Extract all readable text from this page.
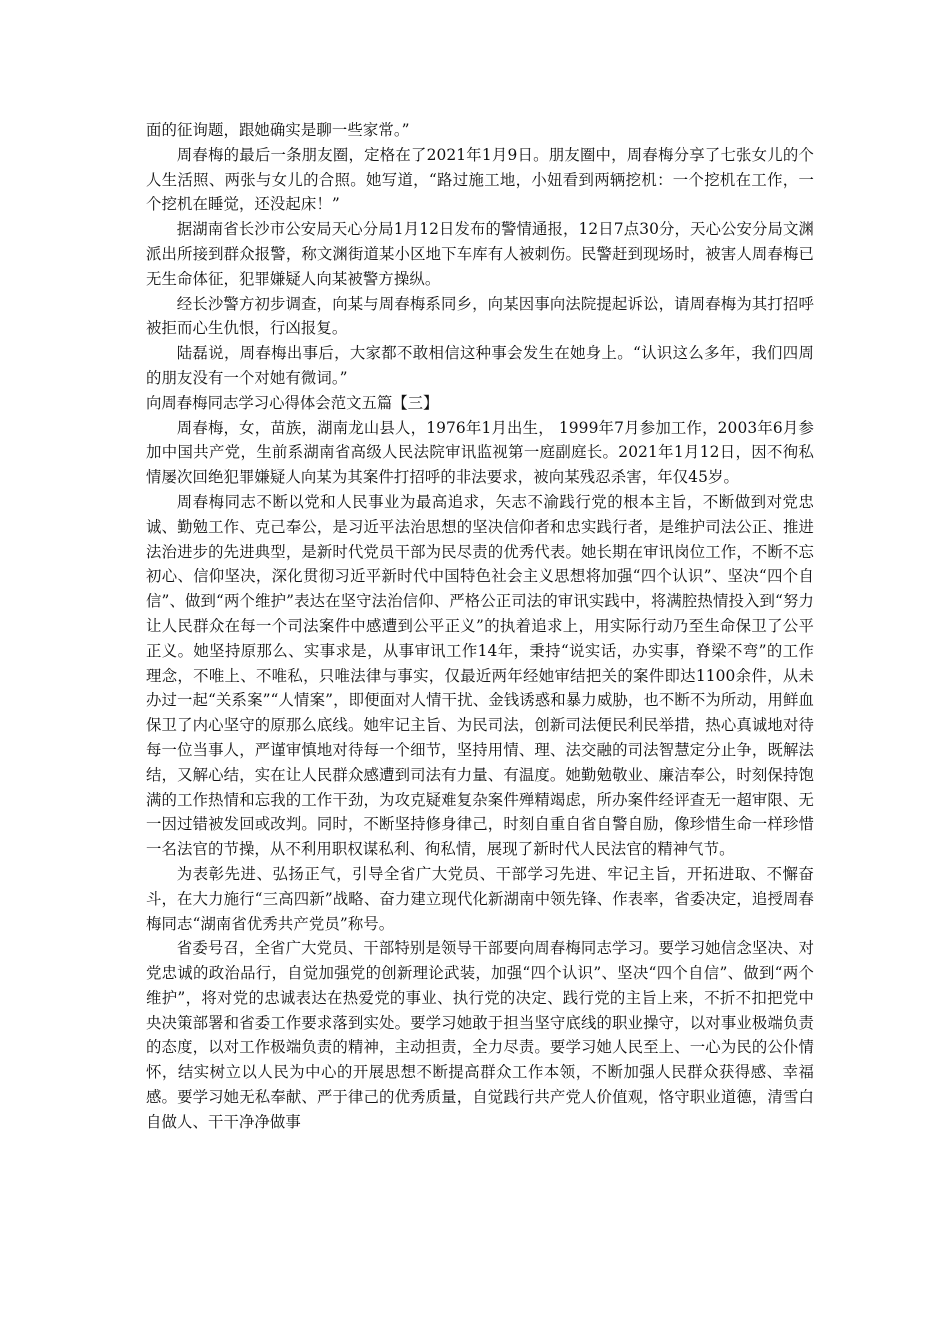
面的征询题，跟她确实是聊一些家常。”

周春梅的最后一条朋友圈，定格在了2021年1月9日。朋友圈中，周春梅分享了七张女儿的个人生活照、两张与女儿的合照。她写道，“路过施工地，小妞看到两辆挖机：一个挖机在工作，一个挖机在睡觉，还没起床！”

据湖南省长沙市公安局天心分局1月12日发布的警情通报，12日7点30分，天心公安分局文渊派出所接到群众报警，称文渊街道某小区地下车库有人被刺伤。民警赶到现场时，被害人周春梅已无生命体征，犯罪嫌疑人向某被警方操纵。

经长沙警方初步调查，向某与周春梅系同乡，向某因事向法院提起诉讼，请周春梅为其打招呼被拒而心生仇恨，行凶报复。

陆磊说，周春梅出事后，大家都不敢相信这种事会发生在她身上。“认识这么多年，我们四周的朋友没有一个对她有微词。”

向周春梅同志学习心得体会范文五篇【三】

周春梅，女，苗族，湖南龙山县人，1976年1月出生， 1999年7月参加工作，2003年6月参加中国共产党，生前系湖南省高级人民法院审讯监视第一庭副庭长。2021年1月12日，因不徇私情屡次回绝犯罪嫌疑人向某为其案件打招呼的非法要求，被向某残忍杀害，年仅45岁。

周春梅同志不断以党和人民事业为最高追求，矢志不渝践行党的根本主旨，不断做到对党忠诚、勤勉工作、克己奉公，是习近平法治思想的坚决信仰者和忠实践行者，是维护司法公正、推进法治进步的先进典型，是新时代党员干部为民尽责的优秀代表。她长期在审讯岗位工作，不断不忘初心、信仰坚决，深化贯彻习近平新时代中国特色社会主义思想将加强“四个认识”、坚决“四个自信”、做到“两个维护”表达在坚守法治信仰、严格公正司法的审讯实践中，将满腔热情投入到“努力让人民群众在每一个司法案件中感遭到公平正义”的执着追求上，用实际行动乃至生命保卫了公平正义。她坚持原那么、实事求是，从事审讯工作14年，秉持“说实话，办实事，脊梁不弯”的工作理念，不唯上、不唯私，只唯法律与事实，仅最近两年经她审结把关的案件即达1100余件，从未办过一起“关系案”“人情案”，即便面对人情干扰、金钱诱惑和暴力威胁，也不断不为所动，用鲜血保卫了内心坚守的原那么底线。她牢记主旨、为民司法，创新司法便民利民举措，热心真诚地对待每一位当事人，严谨审慎地对待每一个细节，坚持用情、理、法交融的司法智慧定分止争，既解法结，又解心结，实在让人民群众感遭到司法有力量、有温度。她勤勉敬业、廉洁奉公，时刻保持饱满的工作热情和忘我的工作干劲，为攻克疑难复杂案件殚精竭虑，所办案件经评查无一超审限、无一因过错被发回或改判。同时，不断坚持修身律己，时刻自重自省自警自励，像珍惜生命一样珍惜一名法官的节操，从不利用职权谋私利、徇私情，展现了新时代人民法官的精神气节。

为表彰先进、弘扬正气，引导全省广大党员、干部学习先进、牢记主旨，开拓进取、不懈奋斗，在大力施行“三高四新”战略、奋力建立现代化新湖南中领先锋、作表率，省委决定，追授周春梅同志“湖南省优秀共产党员”称号。

省委号召，全省广大党员、干部特别是领导干部要向周春梅同志学习。要学习她信念坚决、对党忠诚的政治品行，自觉加强党的创新理论武装，加强“四个认识”、坚决“四个自信”、做到“两个维护”，将对党的忠诚表达在热爱党的事业、执行党的决定、践行党的主旨上来，不折不扣把党中央决策部署和省委工作要求落到实处。要学习她敢于担当坚守底线的职业操守，以对事业极端负责的态度，以对工作极端负责的精神，主动担责，全力尽责。要学习她人民至上、一心为民的公仆情怀，结实树立以人民为中心的开展思想不断提高群众工作本领，不断加强人民群众获得感、幸福感。要学习她无私奉献、严于律己的优秀质量，自觉践行共产党人价值观，恪守职业道德，清雪白自做人、干干净净做事
